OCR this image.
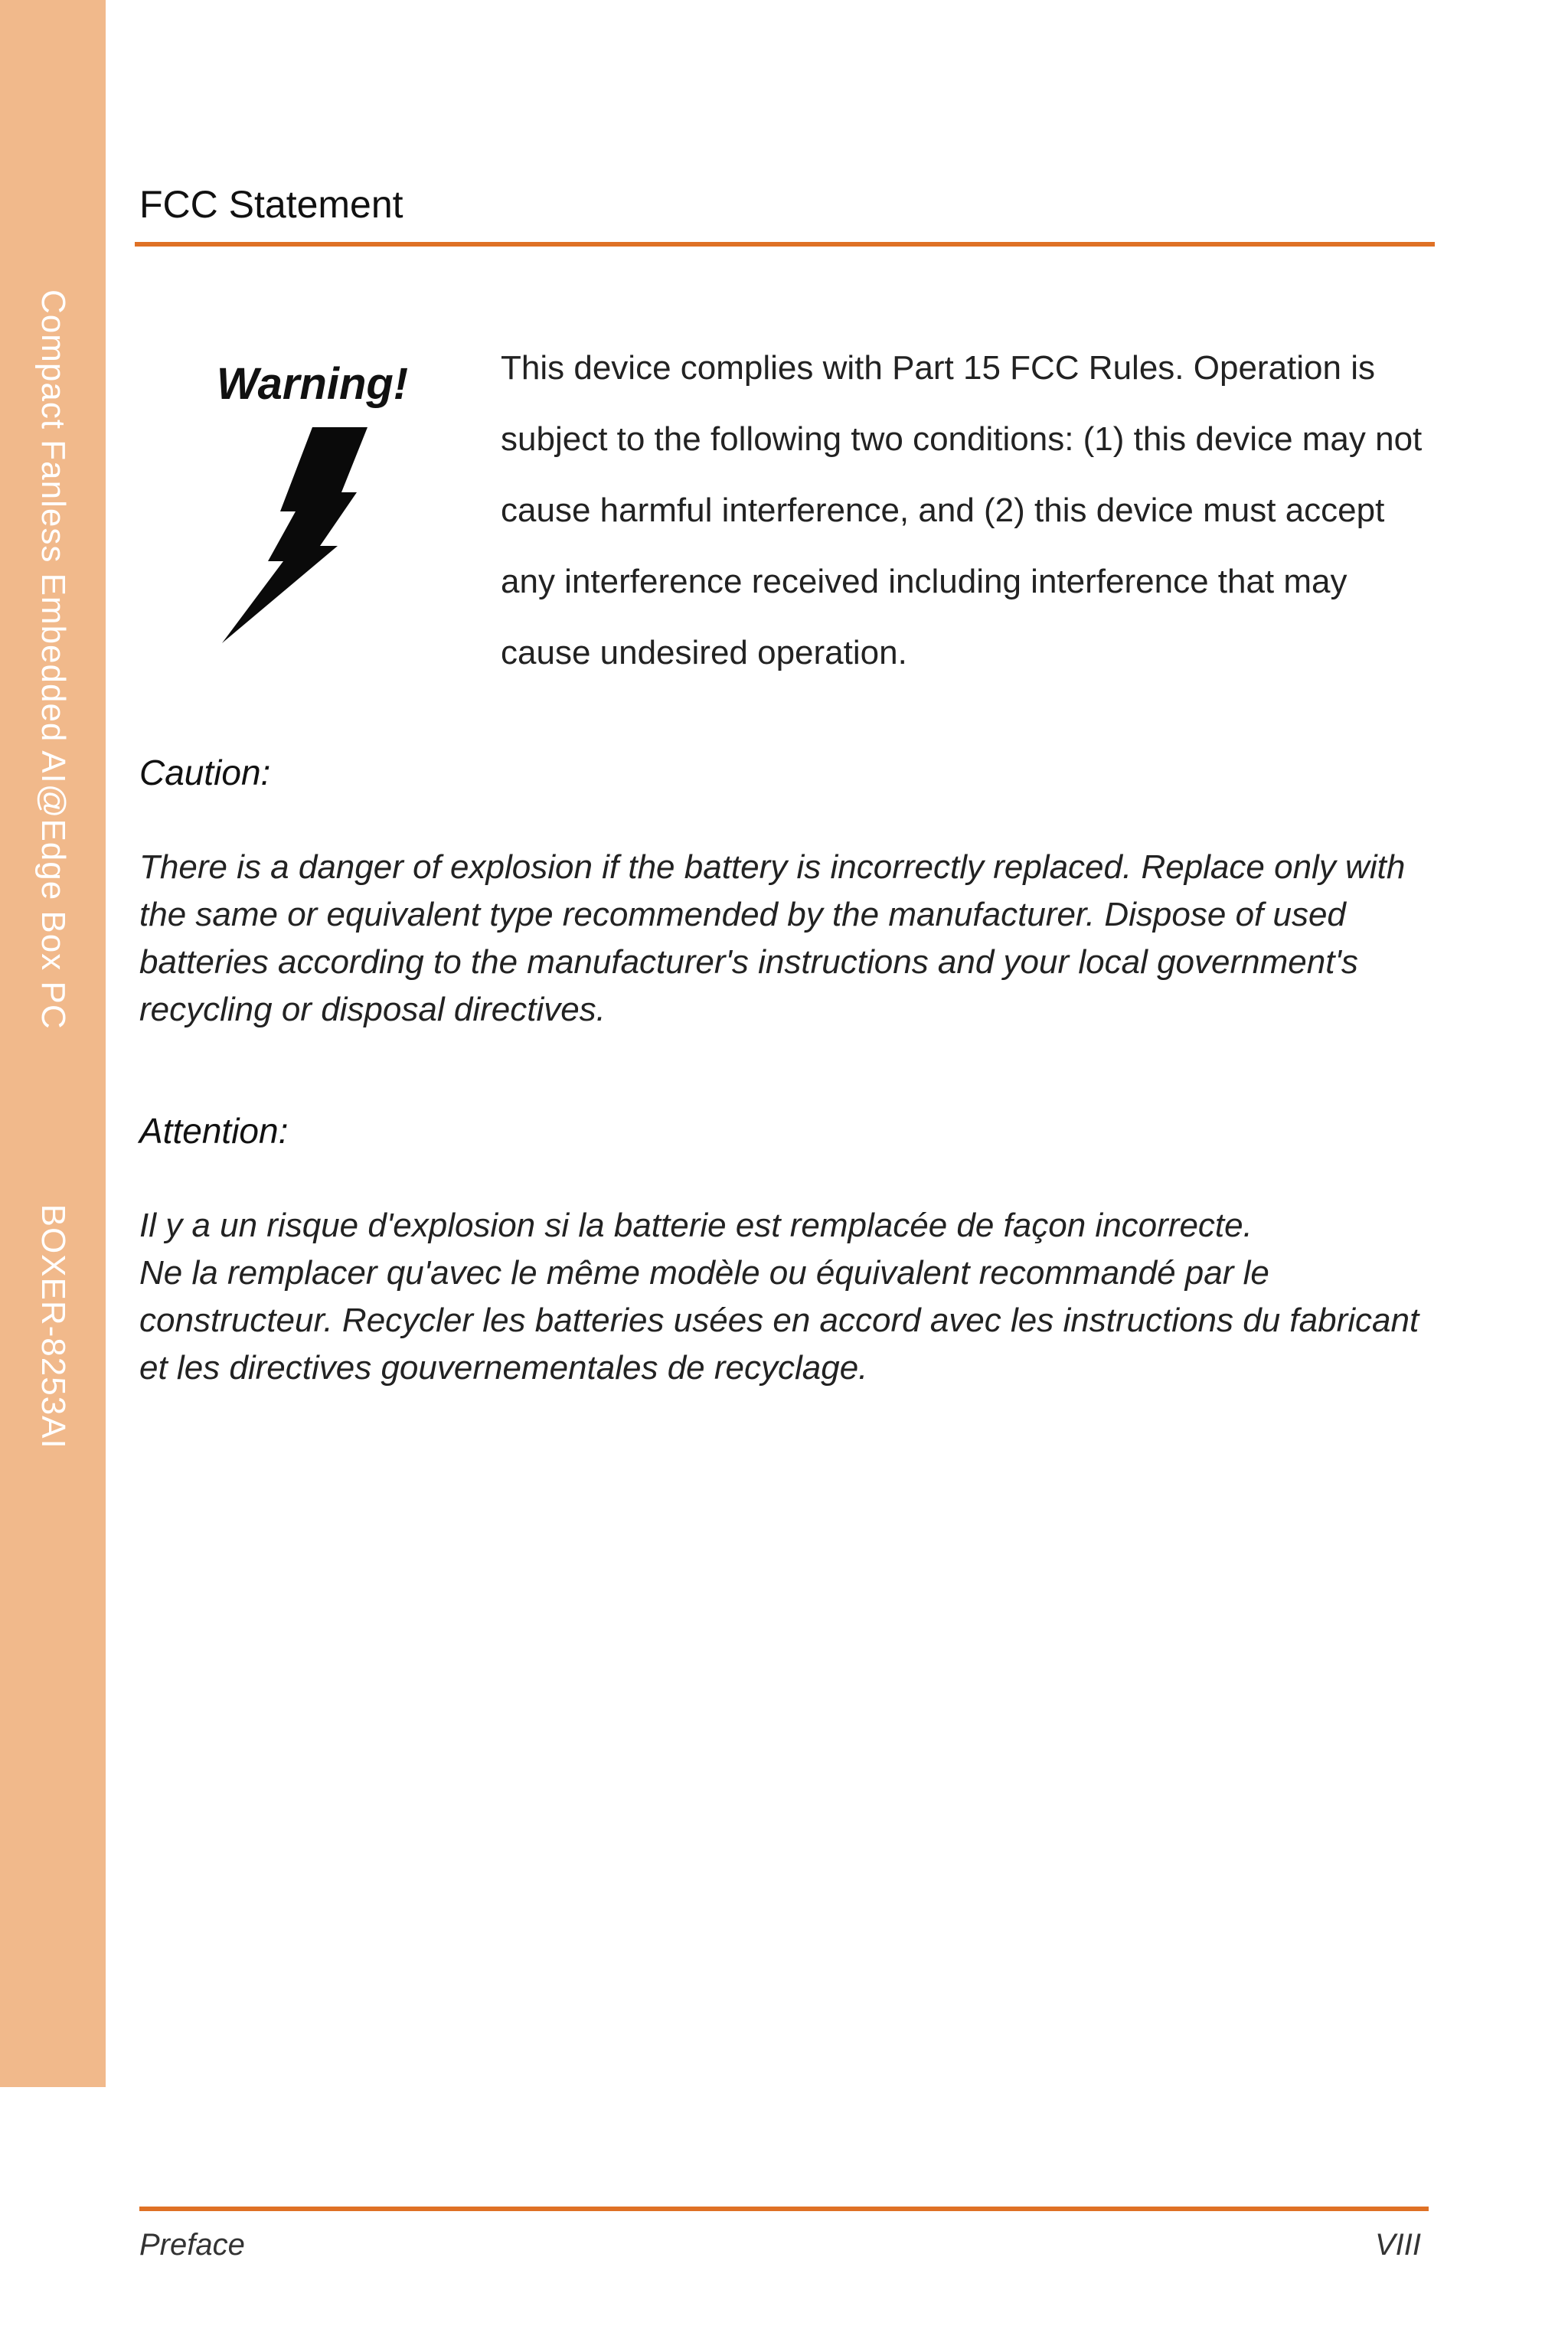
Compact Fanless Embedded AI@Edge Box PCBOXER-8253AI
FCC Statement
Warning!	This device complies with Part 15 FCC Rules. Operation is subject to the following two conditions: (1) this device may not cause harmful interference, and (2) this device must accept any interference received including interference that may cause undesired operation.
Caution:

There is a danger of explosion if the battery is incorrectly replaced. Replace only with the same or equivalent type recommended by the manufacturer. Dispose of used batteries according to the manufacturer's instructions and your local government's recycling or disposal directives.

Attention:

Il y a un risque d'explosion si la batterie est remplacée de façon incorrecte.

Ne la remplacer qu'avec le même modèle ou équivalent recommandé par le constructeur. Recycler les batteries usées en accord avec les instructions du fabricant et les directives gouvernementales de recyclage.

Preface	VIII
